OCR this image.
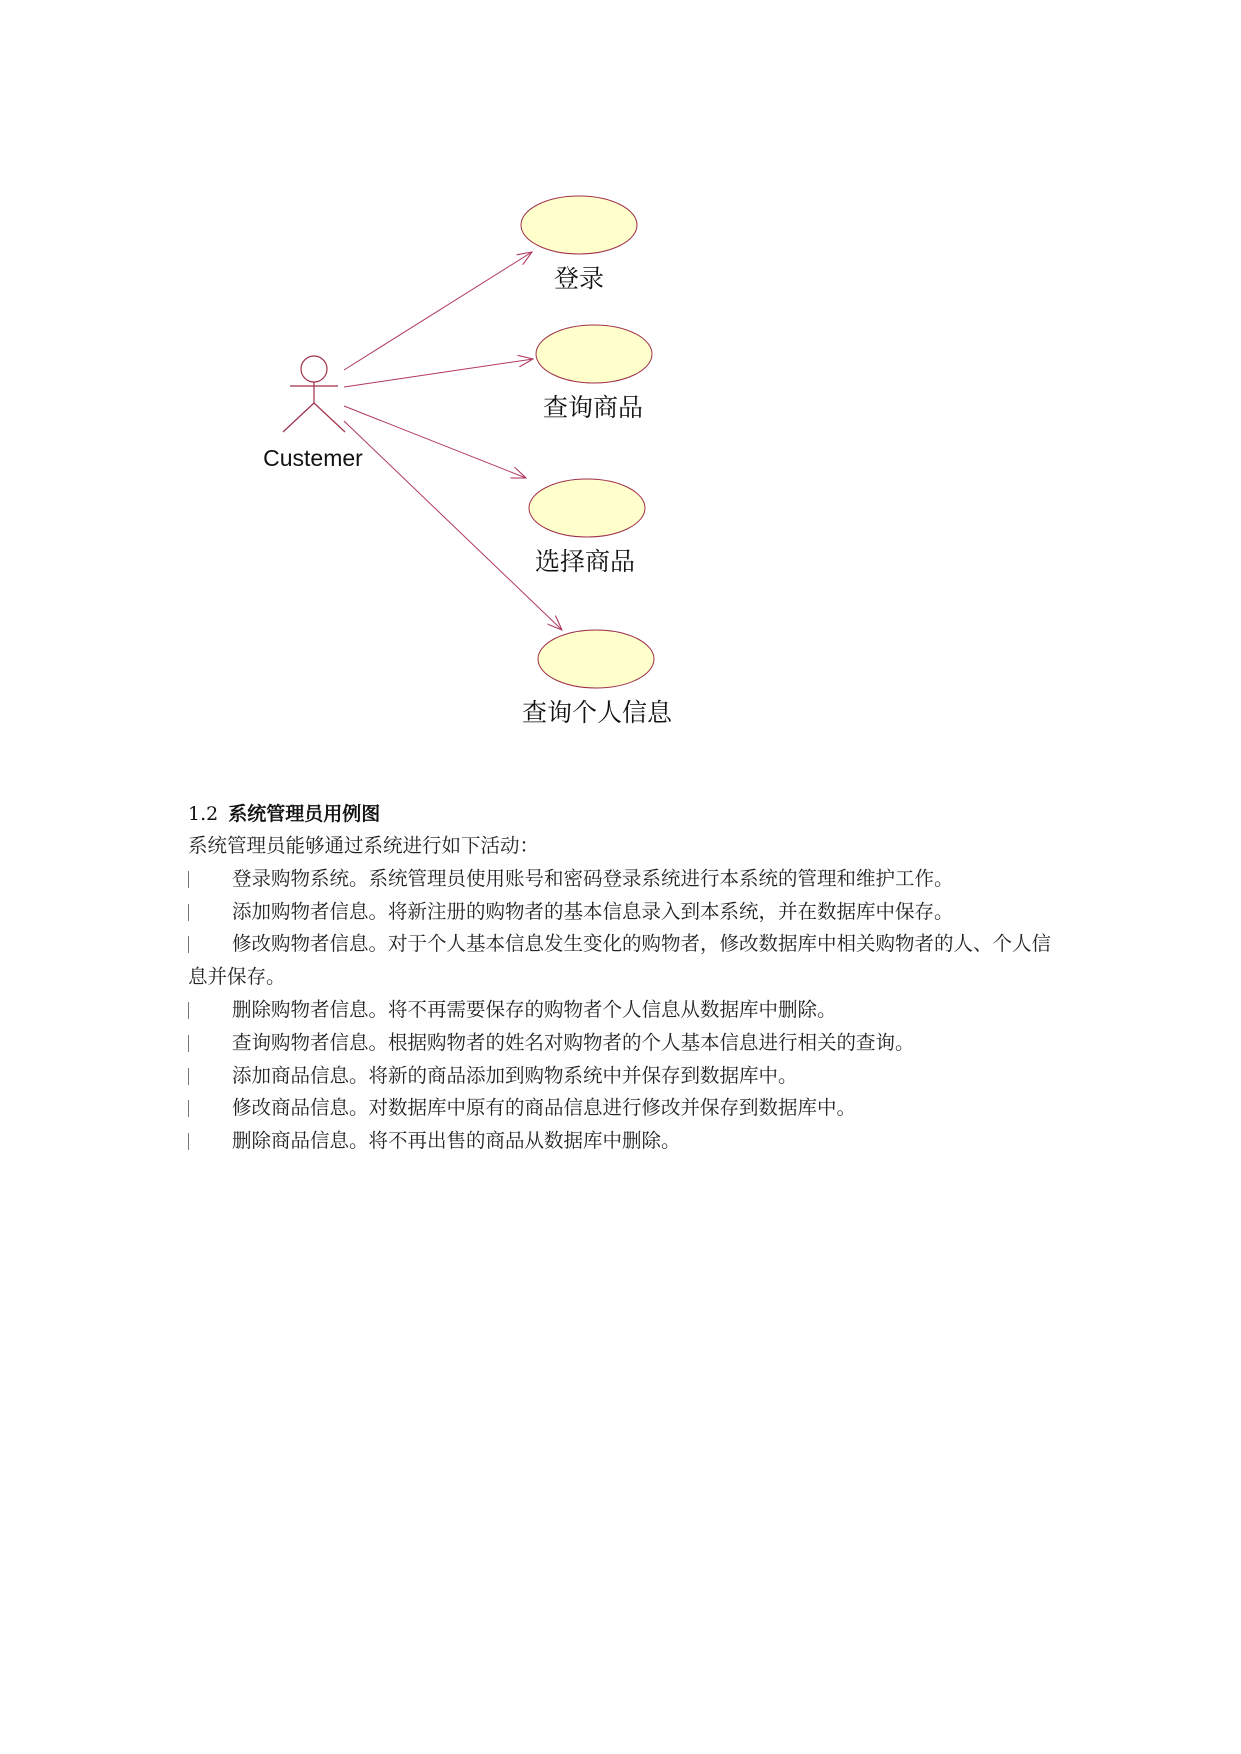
Custemer
登录
查询商品
选择商品
查询个人信息
1.2 系统管理员用例图
系统管理员能够通过系统进行如下活动：
登录购物系统。系统管理员使用账号和密码登录系统进行本系统的管理和维护工作。
添加购物者信息。将新注册的购物者的基本信息录入到本系统，并在数据库中保存。
修改购物者信息。对于个人基本信息发生变化的购物者，修改数据库中相关购物者的人、个人信息并保存。
删除购物者信息。将不再需要保存的购物者个人信息从数据库中删除。
查询购物者信息。根据购物者的姓名对购物者的个人基本信息进行相关的查询。
添加商品信息。将新的商品添加到购物系统中并保存到数据库中。
修改商品信息。对数据库中原有的商品信息进行修改并保存到数据库中。
删除商品信息。将不再出售的商品从数据库中删除。
